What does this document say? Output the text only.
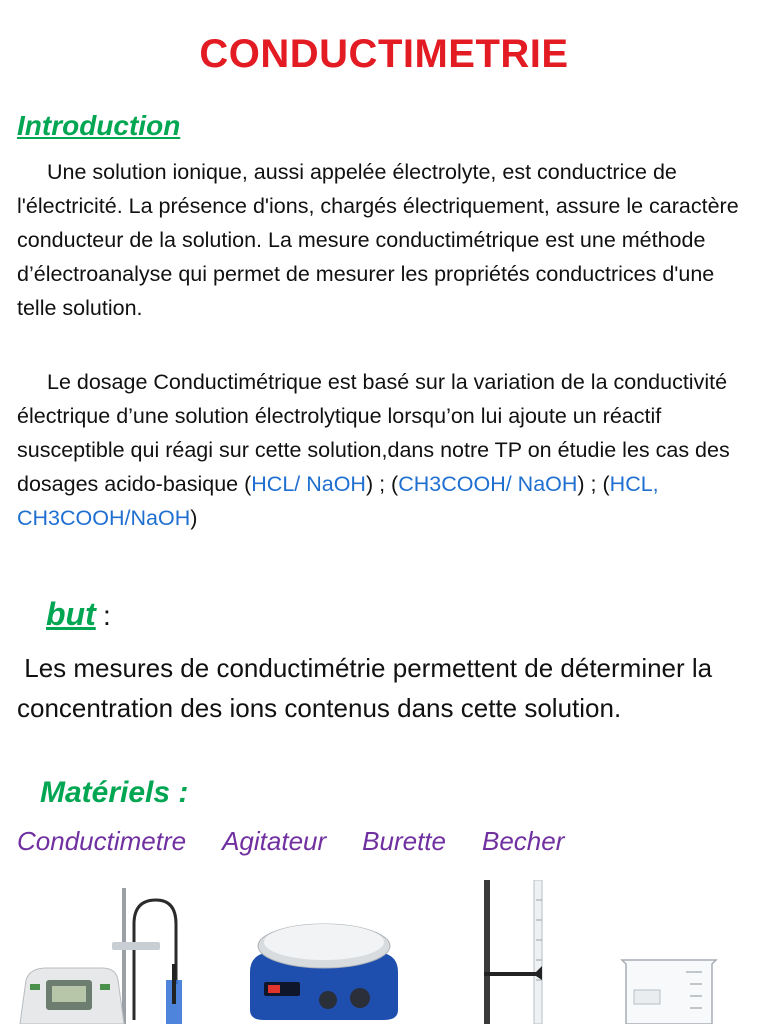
CONDUCTIMETRIE
Introduction
Une solution ionique, aussi appelée électrolyte, est conductrice de l'électricité. La présence d'ions, chargés électriquement, assure le caractère conducteur de la solution. La mesure conductimétrique est une méthode d’électroanalyse qui permet de mesurer les propriétés conductrices d'une telle solution.
Le dosage Conductimétrique est basé sur la variation de la conductivité électrique d’une solution électrolytique lorsqu’on lui ajoute un réactif susceptible qui réagi sur cette solution,dans notre TP on étudie les cas des dosages acido-basique (HCL/ NaOH) ; (CH3COOH/ NaOH) ; (HCL, CH3COOH/NaOH)
but :
Les mesures de conductimétrie permettent de déterminer la concentration des ions contenus dans cette solution.
Matériels :
Conductimetre Agitateur Burette Becher
